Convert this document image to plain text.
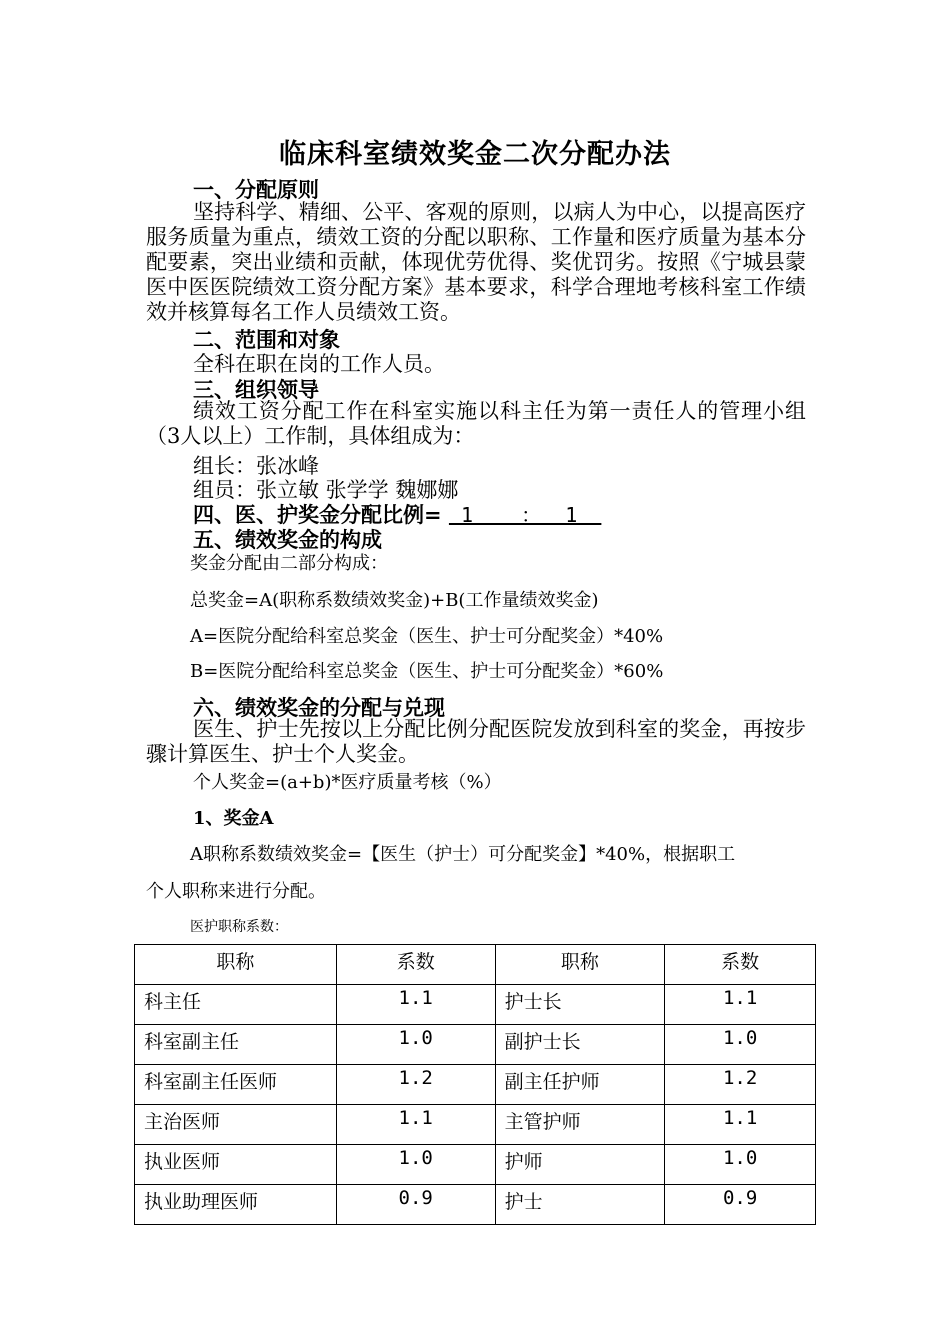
临床科室绩效奖金二次分配办法
一、分配原则
坚持科学、精细、公平、客观的原则，以病人为中心，以提高医疗服务质量为重点，绩效工资的分配以职称、工作量和医疗质量为基本分配要素，突出业绩和贡献，体现优劳优得、奖优罚劣。按照《宁城县蒙医中医医院绩效工资分配方案》基本要求，科学合理地考核科室工作绩效并核算每名工作人员绩效工资。
二、范围和对象
全科在职在岗的工作人员。
三、组织领导
绩效工资分配工作在科室实施以科主任为第一责任人的管理小组（3人以上）工作制，具体组成为：
组长：张冰峰
组员：张立敏 张学学 魏娜娜
四、医、护奖金分配比例=  1    ：  1
五、绩效奖金的构成
奖金分配由二部分构成：
总奖金=A(职称系数绩效奖金)+B(工作量绩效奖金)
A=医院分配给科室总奖金（医生、护士可分配奖金）*40%
B=医院分配给科室总奖金（医生、护士可分配奖金）*60%
六、绩效奖金的分配与兑现
医生、护士先按以上分配比例分配医院发放到科室的奖金，再按步骤计算医生、护士个人奖金。
个人奖金=(a+b)*医疗质量考核（%）
1、奖金A
A职称系数绩效奖金=【医生（护士）可分配奖金】*40%，根据职工
个人职称来进行分配。
医护职称系数：
职称	系数	职称	系数
科主任	1.1	护士长	1.1
科室副主任	1.0	副护士长	1.0
科室副主任医师	1.2	副主任护师	1.2
主治医师	1.1	主管护师	1.1
执业医师	1.0	护师	1.0
执业助理医师	0.9	护士	0.9
